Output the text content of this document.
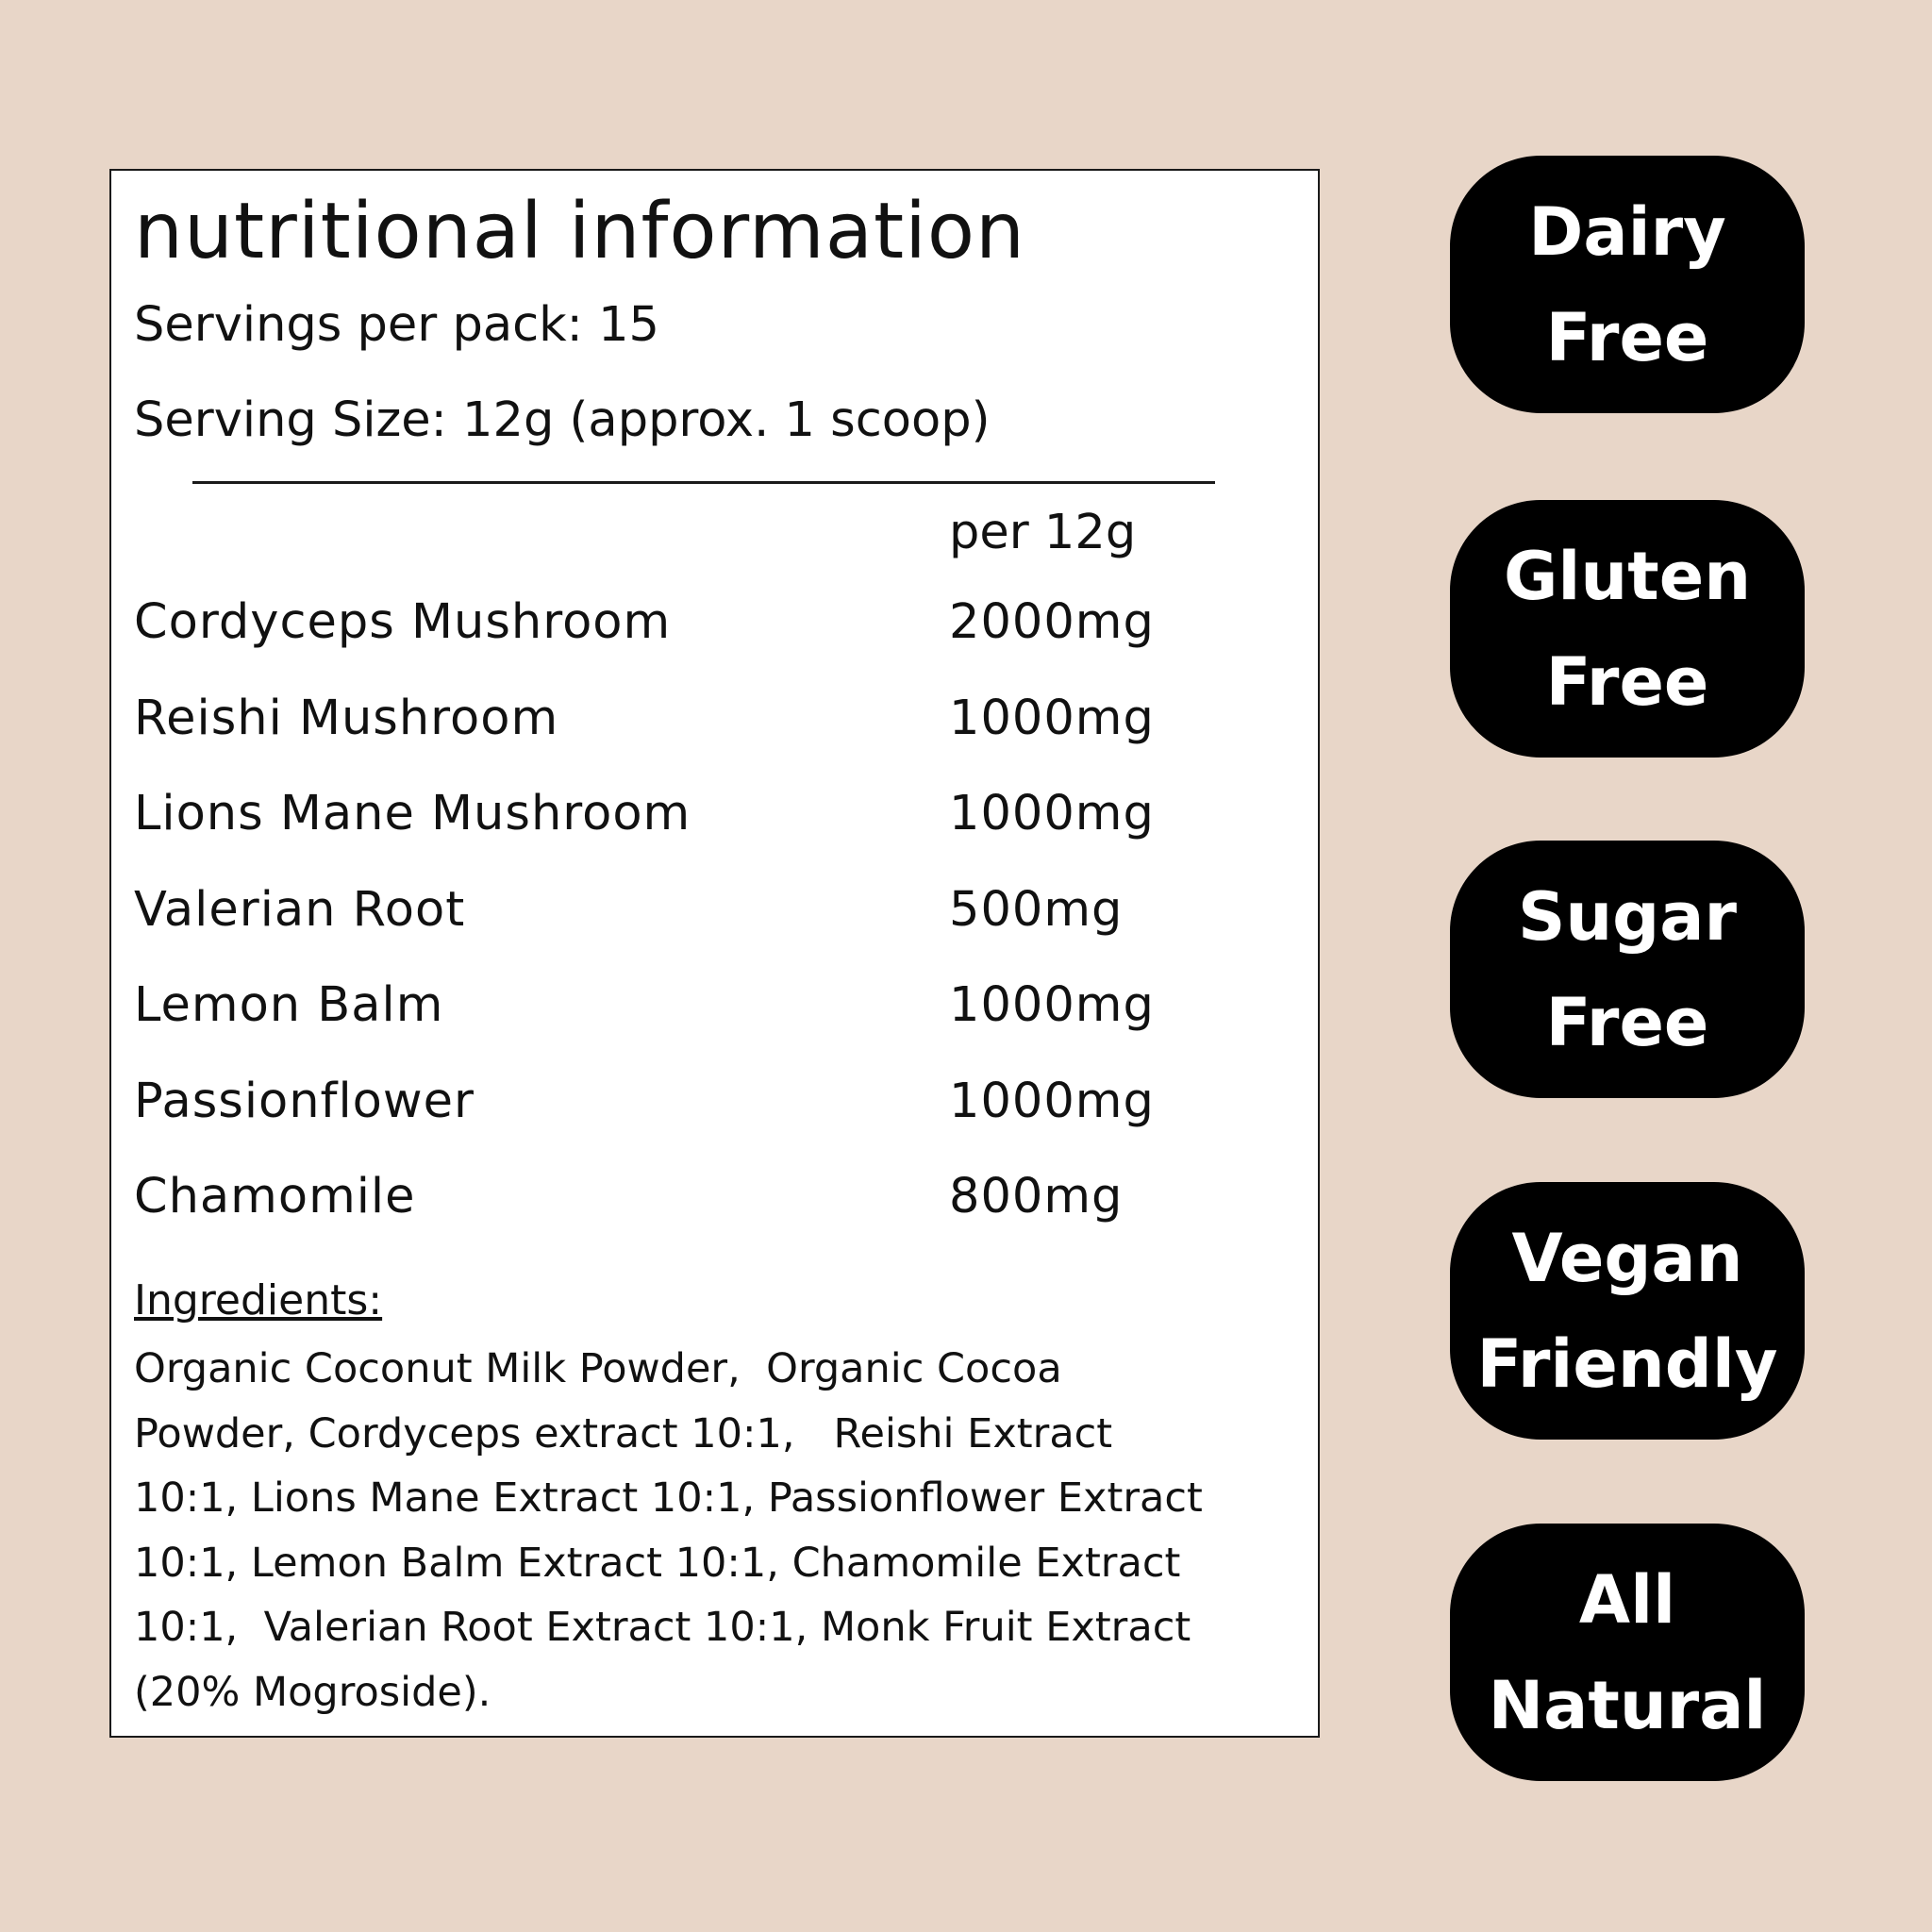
nutritional information
Servings per pack: 15
Serving Size: 12g (approx. 1 scoop)
per 12g
Cordyceps Mushroom	2000mg
Reishi Mushroom	1000mg
Lions Mane Mushroom	1000mg
Valerian Root	500mg
Lemon Balm	1000mg
Passionflower	1000mg
Chamomile	800mg
Ingredients:
Organic Coconut Milk Powder,  Organic Cocoa
Powder, Cordyceps extract 10:1,   Reishi Extract
10:1, Lions Mane Extract 10:1, Passionflower Extract
10:1, Lemon Balm Extract 10:1, Chamomile Extract
10:1,  Valerian Root Extract 10:1, Monk Fruit Extract
(20% Mogroside).
Dairy
Free
Gluten
Free
Sugar
Free
Vegan
Friendly
All
Natural
